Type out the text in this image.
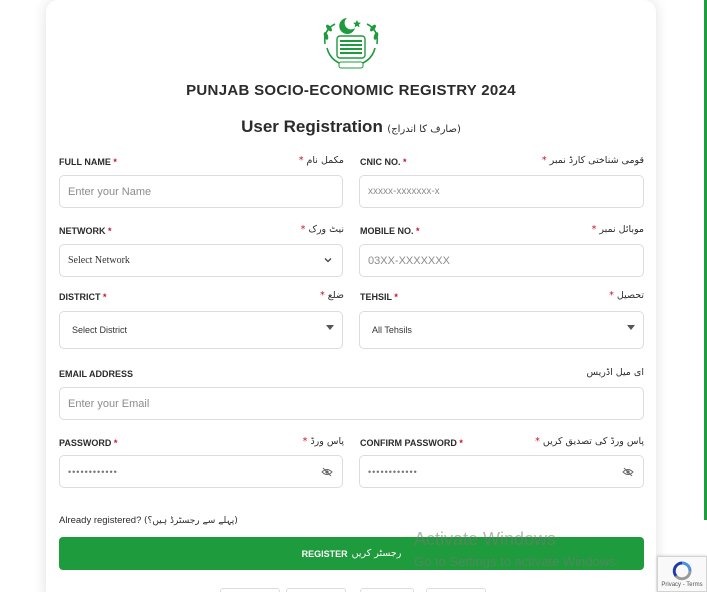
PUNJAB SOCIO-ECONOMIC REGISTRY 2024
User Registration (صارف کا اندراج)
FULL NAME *	مکمل نام *
Enter your Name
CNIC NO. *	قومی شناختی کارڈ نمبر *
xxxxx-xxxxxxx-x
NETWORK *	نیٹ ورک *
Select Network
MOBILE NO. *	موبائل نمبر *
03XX-XXXXXXX
DISTRICT *	ضلع *
Select District
TEHSIL *	تحصیل *
All Tehsils
EMAIL ADDRESS	ای میل اڈریس
Enter your Email
PASSWORD *	پاس ورڈ *
••••••••••••
CONFIRM PASSWORD *	پاس ورڈ کی تصدیق کریں *
••••••••••••
Already registered? (پہلے سے رجسٹرڈ ہیں؟)
REGISTER رجسٹر کریں
Activate Windows
Go to Settings to activate Windows.
Privacy - Terms
